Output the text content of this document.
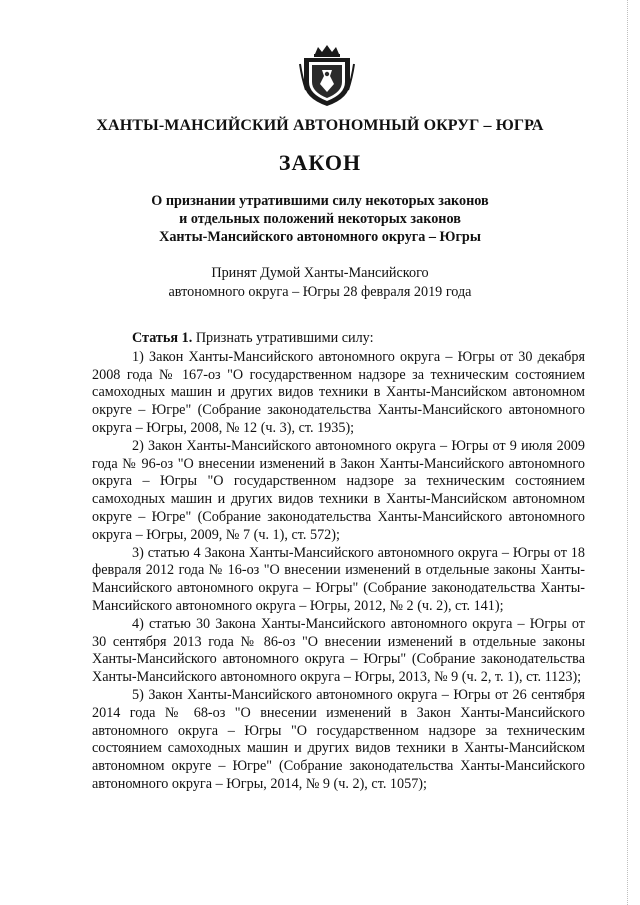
ХАНТЫ-МАНСИЙСКИЙ АВТОНОМНЫЙ ОКРУГ – ЮГРА
ЗАКОН
О признании утратившими силу некоторых законов
и отдельных положений некоторых законов
Ханты-Мансийского автономного округа – Югры
Принят Думой Ханты-Мансийского
автономного округа – Югры 28 февраля 2019 года

Статья 1. Признать утратившими силу:

1) Закон Ханты-Мансийского автономного округа – Югры от 30 декабря 2008 года № 167-оз "О государственном надзоре за техническим состоянием самоходных машин и других видов техники в Ханты-Мансийском автономном округе – Югре" (Собрание законодательства Ханты-Мансийского автономного округа – Югры, 2008, № 12 (ч. 3), ст. 1935);

2) Закон Ханты-Мансийского автономного округа – Югры от 9 июля 2009 года № 96-оз "О внесении изменений в Закон Ханты-Мансийского автономного округа – Югры "О государственном надзоре за техническим состоянием самоходных машин и других видов техники в Ханты-Мансийском автономном округе – Югре" (Собрание законодательства Ханты-Мансийского автономного округа – Югры, 2009, № 7 (ч. 1), ст. 572);

3) статью 4 Закона Ханты-Мансийского автономного округа – Югры от 18 февраля 2012 года № 16-оз "О внесении изменений в отдельные законы Ханты-Мансийского автономного округа – Югры" (Собрание законодательства Ханты-Мансийского автономного округа – Югры, 2012, № 2 (ч. 2), ст. 141);

4) статью 30 Закона Ханты-Мансийского автономного округа – Югры от 30 сентября 2013 года № 86-оз "О внесении изменений в отдельные законы Ханты-Мансийского автономного округа – Югры" (Собрание законодательства Ханты-Мансийского автономного округа – Югры, 2013, № 9 (ч. 2, т. 1), ст. 1123);

5) Закон Ханты-Мансийского автономного округа – Югры от 26 сентября 2014 года № 68-оз "О внесении изменений в Закон Ханты-Мансийского автономного округа – Югры "О государственном надзоре за техническим состоянием самоходных машин и других видов техники в Ханты-Мансийском автономном округе – Югре" (Собрание законодательства Ханты-Мансийского автономного округа – Югры, 2014, № 9 (ч. 2), ст. 1057);
